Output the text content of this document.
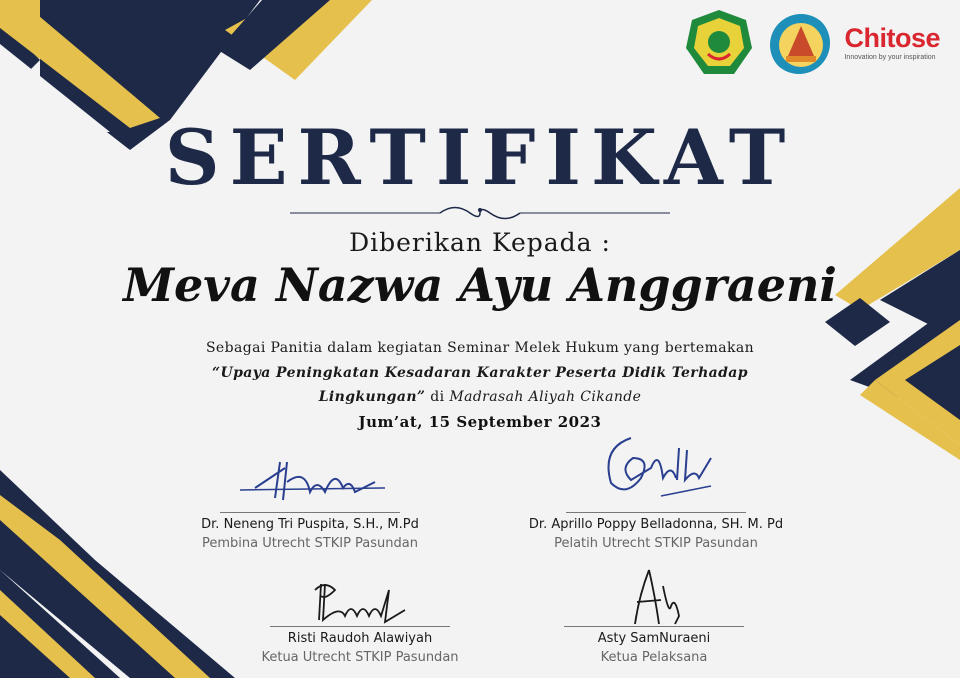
Chitose
Innovation by your inspiration
SERTIFIKAT
Diberikan Kepada :
Meva Nazwa Ayu Anggraeni
Sebagai Panitia dalam kegiatan Seminar Melek Hukum yang bertemakan
“Upaya Peningkatan Kesadaran Karakter Peserta Didik Terhadap
Lingkungan” di Madrasah Aliyah Cikande
Jum’at, 15 September 2023
Dr. Neneng Tri Puspita, S.H., M.Pd
Pembina Utrecht STKIP Pasundan
Dr. Aprillo Poppy Belladonna, SH. M. Pd
Pelatih Utrecht STKIP Pasundan
Risti Raudoh Alawiyah
Ketua Utrecht STKIP Pasundan
Asty SamNuraeni
Ketua Pelaksana
